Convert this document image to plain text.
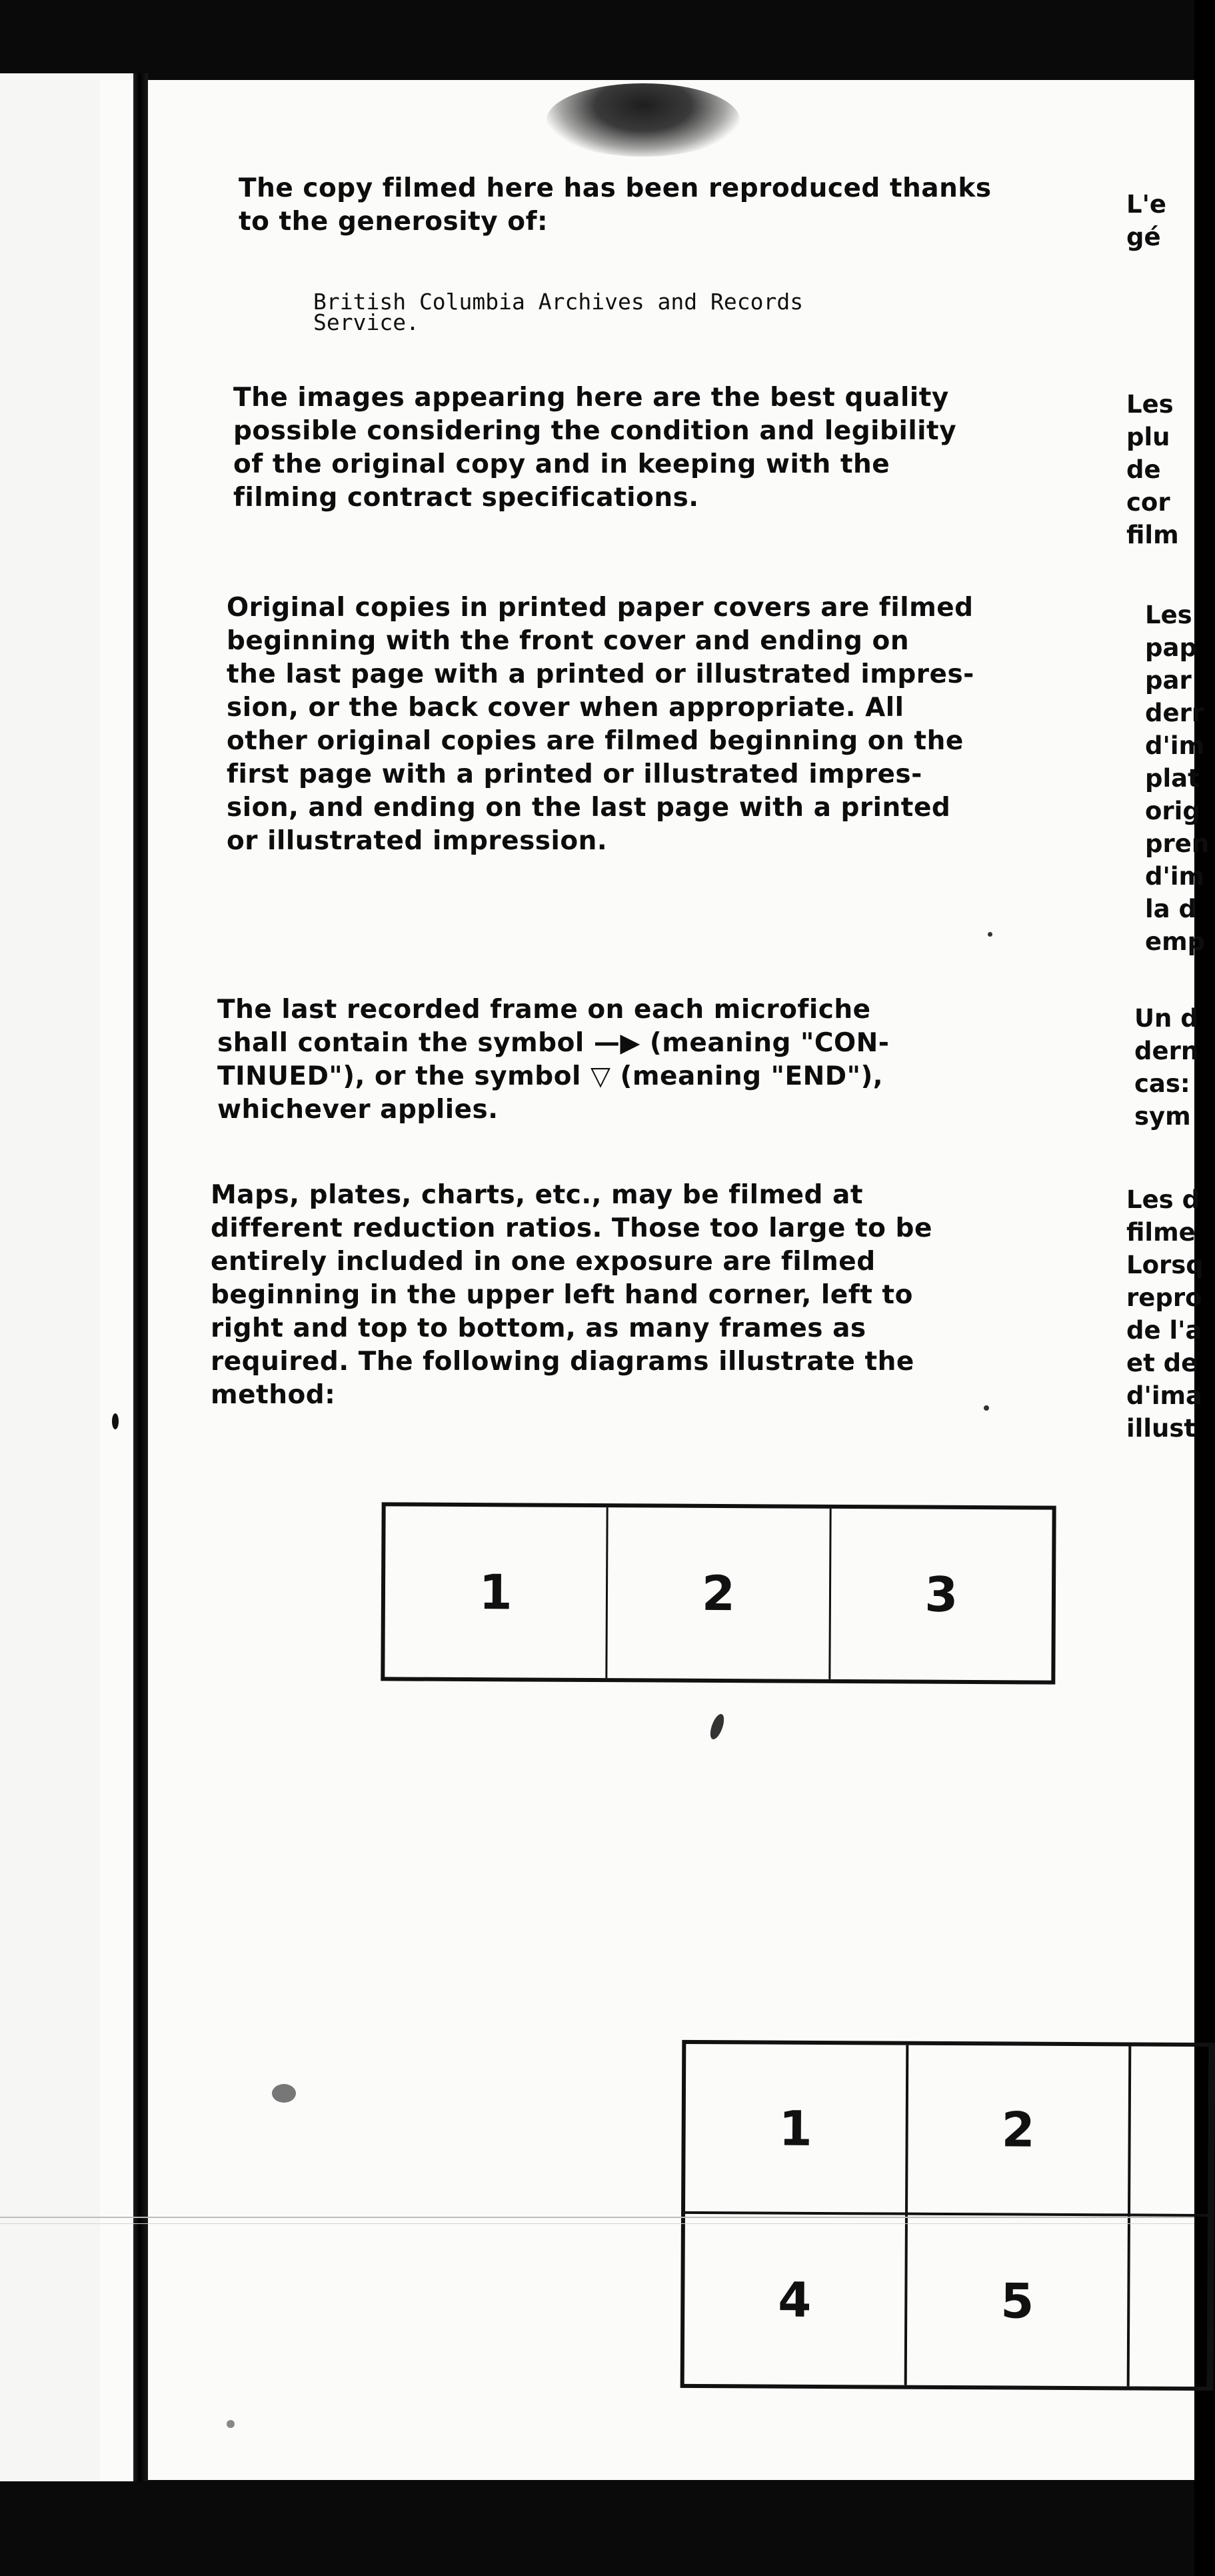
The copy filmed here has been reproduced thanks
to the generosity of:
British Columbia Archives and Records
Service.
The images appearing here are the best quality
possible considering the condition and legibility
of the original copy and in keeping with the
filming contract specifications.
Original copies in printed paper covers are filmed
beginning with the front cover and ending on
the last page with a printed or illustrated impres-
sion, or the back cover when appropriate. All
other original copies are filmed beginning on the
first page with a printed or illustrated impres-
sion, and ending on the last page with a printed
or illustrated impression.
The last recorded frame on each microfiche
shall contain the symbol —▶ (meaning "CON-
TINUED"), or the symbol ▽ (meaning "END"),
whichever applies.
Maps, plates, charts, etc., may be filmed at
different reduction ratios. Those too large to be
entirely included in one exposure are filmed
beginning in the upper left hand corner, left to
right and top to bottom, as many frames as
required. The following diagrams illustrate the
method:
1	2	3
1	2
4	5
L'e
gé
Les
plu
de
cor
film
Les
pap
par
derr
d'im
plat
orig
pren
d'im
la d
emp
Un d
dern
cas:
sym
Les d
filme
Lorsq
repro
de l'a
et de
d'ima
illust
